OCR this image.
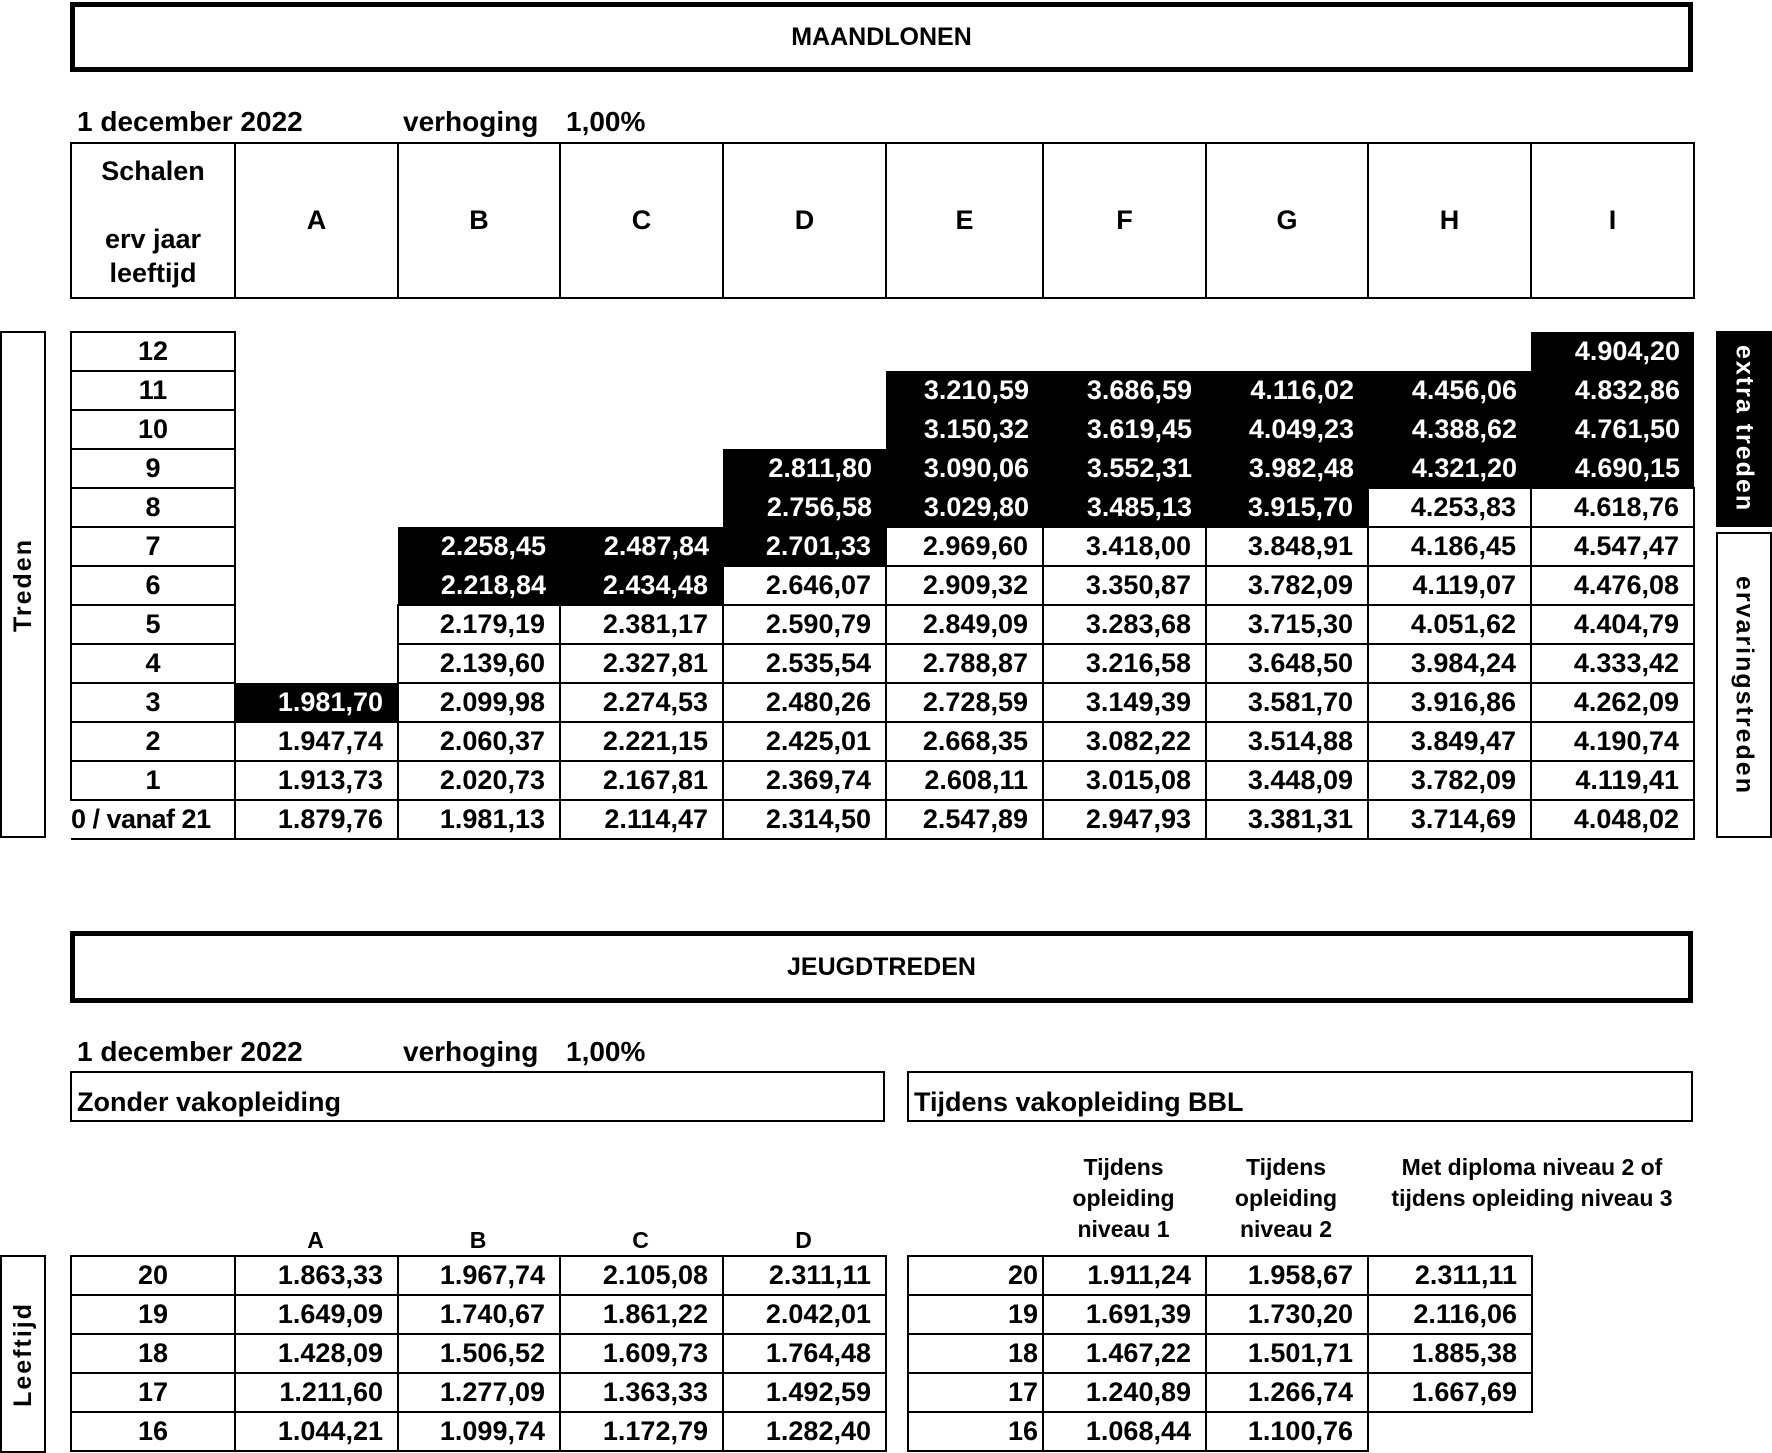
MAANDLONEN
1 december 2022	verhoging 1,00%
Schalen
erv jaar
leeftijd
	A	B	C	D	E	F	G	H	I
Treden
extra treden
ervaringstreden
12									4.904,20
11					3.210,59	3.686,59	4.116,02	4.456,06	4.832,86
10					3.150,32	3.619,45	4.049,23	4.388,62	4.761,50
9				2.811,80	3.090,06	3.552,31	3.982,48	4.321,20	4.690,15
8				2.756,58	3.029,80	3.485,13	3.915,70	4.253,83	4.618,76
7		2.258,45	2.487,84	2.701,33	2.969,60	3.418,00	3.848,91	4.186,45	4.547,47
6		2.218,84	2.434,48	2.646,07	2.909,32	3.350,87	3.782,09	4.119,07	4.476,08
5		2.179,19	2.381,17	2.590,79	2.849,09	3.283,68	3.715,30	4.051,62	4.404,79
4		2.139,60	2.327,81	2.535,54	2.788,87	3.216,58	3.648,50	3.984,24	4.333,42
3	1.981,70	2.099,98	2.274,53	2.480,26	2.728,59	3.149,39	3.581,70	3.916,86	4.262,09
2	1.947,74	2.060,37	2.221,15	2.425,01	2.668,35	3.082,22	3.514,88	3.849,47	4.190,74
1	1.913,73	2.020,73	2.167,81	2.369,74	2.608,11	3.015,08	3.448,09	3.782,09	4.119,41
0 / vanaf 21	1.879,76	1.981,13	2.114,47	2.314,50	2.547,89	2.947,93	3.381,31	3.714,69	4.048,02
JEUGDTREDEN
1 december 2022	verhoging 1,00%
Zonder vakopleiding	Tijdens vakopleiding BBL
A	B	C	D
Tijdens
opleiding
niveau 1
Tijdens
opleiding
niveau 2
Met diploma niveau 2 of
tijdens opleiding niveau 3
Leeftijd
20	1.863,33	1.967,74	2.105,08	2.311,11
19	1.649,09	1.740,67	1.861,22	2.042,01
18	1.428,09	1.506,52	1.609,73	1.764,48
17	1.211,60	1.277,09	1.363,33	1.492,59
16	1.044,21	1.099,74	1.172,79	1.282,40
20	1.911,24	1.958,67	2.311,11
19	1.691,39	1.730,20	2.116,06
18	1.467,22	1.501,71	1.885,38
17	1.240,89	1.266,74	1.667,69
16	1.068,44	1.100,76	
